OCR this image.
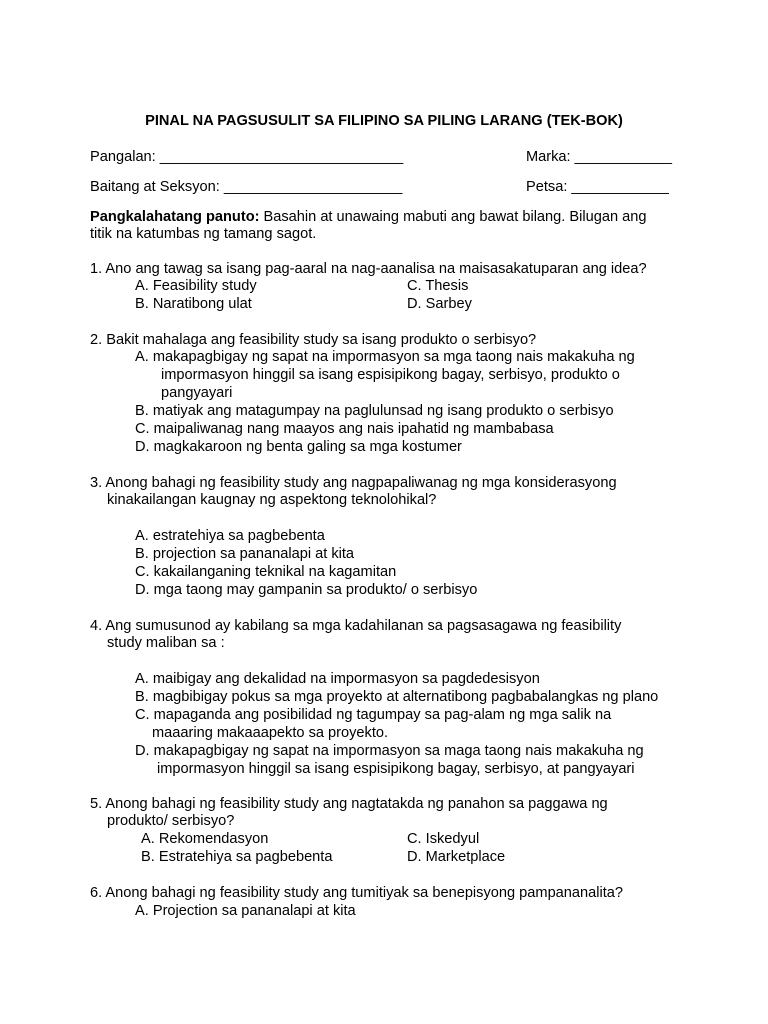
PINAL NA PAGSUSULIT SA FILIPINO SA PILING LARANG (TEK-BOK)
Pangalan: ______________________________	Marka: ____________
Baitang at Seksyon: ______________________	Petsa: ____________
Pangkalahatang panuto: Basahin at unawaing mabuti ang bawat bilang. Bilugan ang
titik na katumbas ng tamang sagot.
1. Ano ang tawag sa isang pag-aaral na nag-aanalisa na maisasakatuparan ang idea?
A. Feasibility study	C. Thesis
B. Naratibong ulat	D. Sarbey
2. Bakit mahalaga ang feasibility study sa isang produkto o serbisyo?
A. makapagbigay ng sapat na impormasyon sa mga taong nais makakuha ng
impormasyon hinggil sa isang espisipikong bagay, serbisyo, produkto o
pangyayari
B. matiyak ang matagumpay na paglulunsad ng isang produkto o serbisyo
C. maipaliwanag nang maayos ang nais ipahatid ng mambabasa
D. magkakaroon ng benta galing sa mga kostumer
3. Anong bahagi ng feasibility study ang nagpapaliwanag ng mga konsiderasyong
kinakailangan kaugnay ng aspektong teknolohikal?
A. estratehiya sa pagbebenta
B. projection sa pananalapi at kita
C. kakailanganing teknikal na kagamitan
D. mga taong may gampanin sa produkto/ o serbisyo
4. Ang sumusunod ay kabilang sa mga kadahilanan sa pagsasagawa ng feasibility
study maliban sa :
A. maibigay ang dekalidad na impormasyon sa pagdedesisyon
B. magbibigay pokus sa mga proyekto at alternatibong pagbabalangkas ng plano
C. mapaganda ang posibilidad ng tagumpay sa pag-alam ng mga salik na
maaaring makaaapekto sa proyekto.
D. makapagbigay ng sapat na impormasyon sa maga taong nais makakuha ng
impormasyon hinggil sa isang espisipikong bagay, serbisyo, at pangyayari
5. Anong bahagi ng feasibility study ang nagtatakda ng panahon sa paggawa ng
produkto/ serbisyo?
A. Rekomendasyon	C. Iskedyul
B. Estratehiya sa pagbebenta	D. Marketplace
6. Anong bahagi ng feasibility study ang tumitiyak sa benepisyong pampananalita?
A. Projection sa pananalapi at kita
